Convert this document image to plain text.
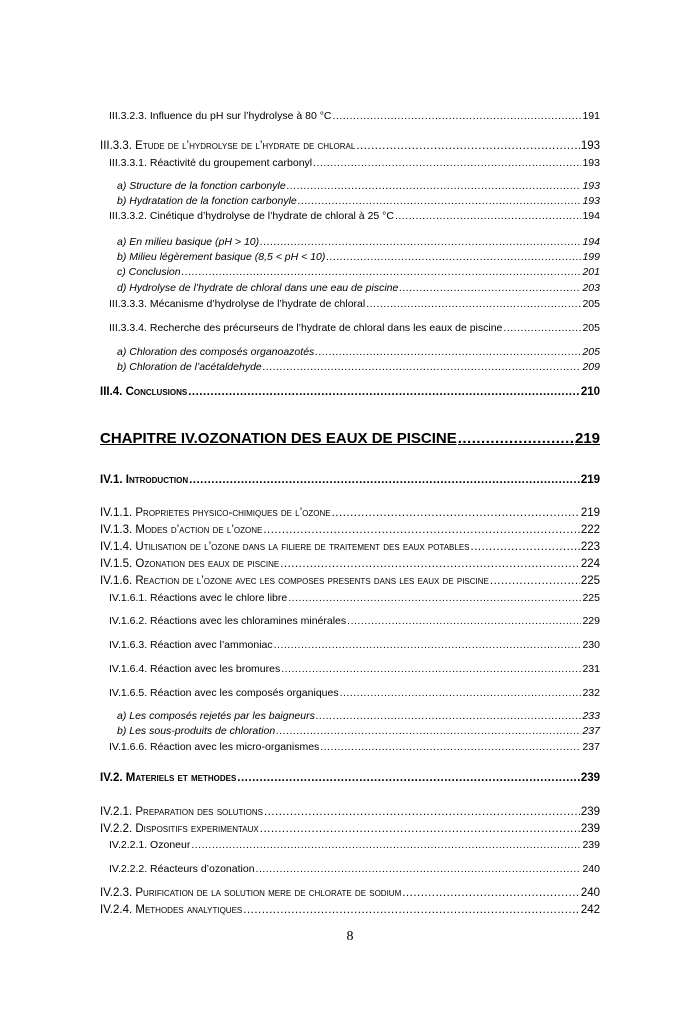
III.3.2.3. Influence du pH sur l’hydrolyse à 80 °C .....	191
III.3.3. Etude de l’hydrolyse de l’hydrate de chloral .....	193
III.3.3.1. Réactivité du groupement carbonyl .....	193
a) Structure de la fonction carbonyle .....	193
b) Hydratation de la fonction carbonyle .....	193
III.3.3.2. Cinétique d’hydrolyse de l’hydrate de chloral à 25 °C .....	194
a) En milieu basique (pH > 10) .....	194
b) Milieu légèrement basique (8,5 < pH < 10) .....	199
c) Conclusion .....	201
d) Hydrolyse de l’hydrate de chloral dans une eau de piscine .....	203
III.3.3.3. Mécanisme d’hydrolyse de l’hydrate de chloral .....	205
III.3.3.4. Recherche des précurseurs de l’hydrate de chloral dans les eaux de piscine .....	205
a) Chloration des composés organoazotés .....	205
b) Chloration de l’acétaldehyde .....	209
III.4. Conclusions .....	210
CHAPITRE IV.OZONATION DES EAUX DE PISCINE .....	219
IV.1. Introduction .....	219
IV.1.1. Proprietes physico-chimiques de l’ozone .....	219
IV.1.3. Modes d’action de l’ozone .....	222
IV.1.4. Utilisation de l’ozone dans la filiere de traitement des eaux potables .....	223
IV.1.5. Ozonation des eaux de piscine .....	224
IV.1.6. Reaction de l’ozone avec les composes presents dans les eaux de piscine .....	225
IV.1.6.1. Réactions avec le chlore libre .....	225
IV.1.6.2. Réactions avec les chloramines minérales .....	229
IV.1.6.3. Réaction avec l’ammoniac .....	230
IV.1.6.4. Réaction avec les bromures .....	231
IV.1.6.5. Réaction avec les composés organiques .....	232
a) Les composés rejetés par les baigneurs .....	233
b) Les sous-produits de chloration .....	237
IV.1.6.6. Réaction avec les micro-organismes .....	237
IV.2. Materiels et methodes .....	239
IV.2.1. Preparation des solutions .....	239
IV.2.2. Dispositifs experimentaux .....	239
IV.2.2.1. Ozoneur .....	239
IV.2.2.2. Réacteurs d’ozonation .....	240
IV.2.3. Purification de la solution mere de chlorate de sodium .....	240
IV.2.4. Methodes analytiques .....	242
8
